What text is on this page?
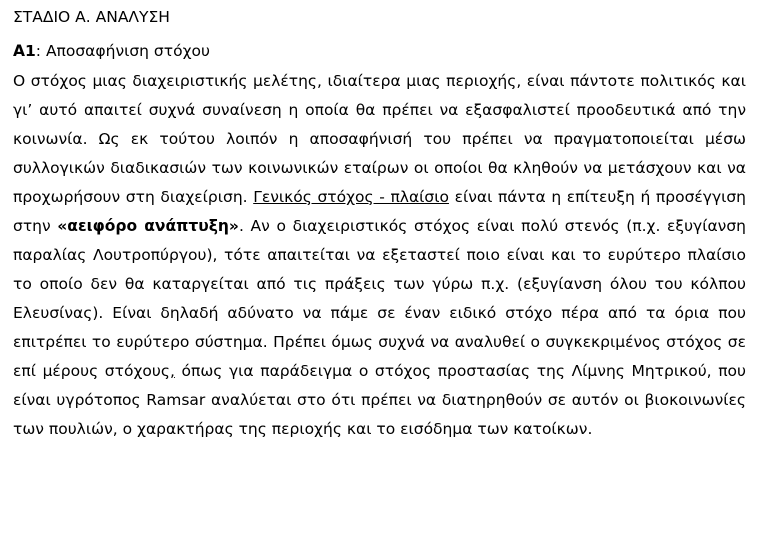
ΣΤΑΔΙΟ Α. ΑΝΑΛΥΣΗ

Α1: Αποσαφήνιση στόχου

Ο στόχος μιας διαχειριστικής μελέτης, ιδιαίτερα μιας περιοχής, είναι πάντοτε πολιτικός και γι’ αυτό απαιτεί συχνά συναίνεση η οποία θα πρέπει να εξασφαλιστεί προοδευτικά από την κοινωνία. Ως εκ τούτου λοιπόν η αποσαφήνισή του πρέπει να πραγματοποιείται μέσω συλλογικών διαδικασιών των κοινωνικών εταίρων οι οποίοι θα κληθούν να μετάσχουν και να προχωρήσουν στη διαχείριση. Γενικός στόχος - πλαίσιο είναι πάντα η επίτευξη ή προσέγγιση στην «αειφόρο ανάπτυξη». Αν ο διαχειριστικός στόχος είναι πολύ στενός (π.χ. εξυγίανση παραλίας Λουτροπύργου), τότε απαιτείται να εξεταστεί ποιο είναι και το ευρύτερο πλαίσιο το οποίο δεν θα καταργείται από τις πράξεις των γύρω π.χ. (εξυγίανση όλου του κόλπου Ελευσίνας). Είναι δηλαδή αδύνατο να πάμε σε έναν ειδικό στόχο πέρα από τα όρια που επιτρέπει το ευρύτερο σύστημα. Πρέπει όμως συχνά να αναλυθεί ο συγκεκριμένος στόχος σε επί μέρους στόχους, όπως για παράδειγμα ο στόχος προστασίας της Λίμνης Μητρικού, που είναι υγρότοπος Ramsar αναλύεται στο ότι πρέπει να διατηρηθούν σε αυτόν οι βιοκοινωνίες των πουλιών, ο χαρακτήρας της περιοχής και το εισόδημα των κατοίκων.
